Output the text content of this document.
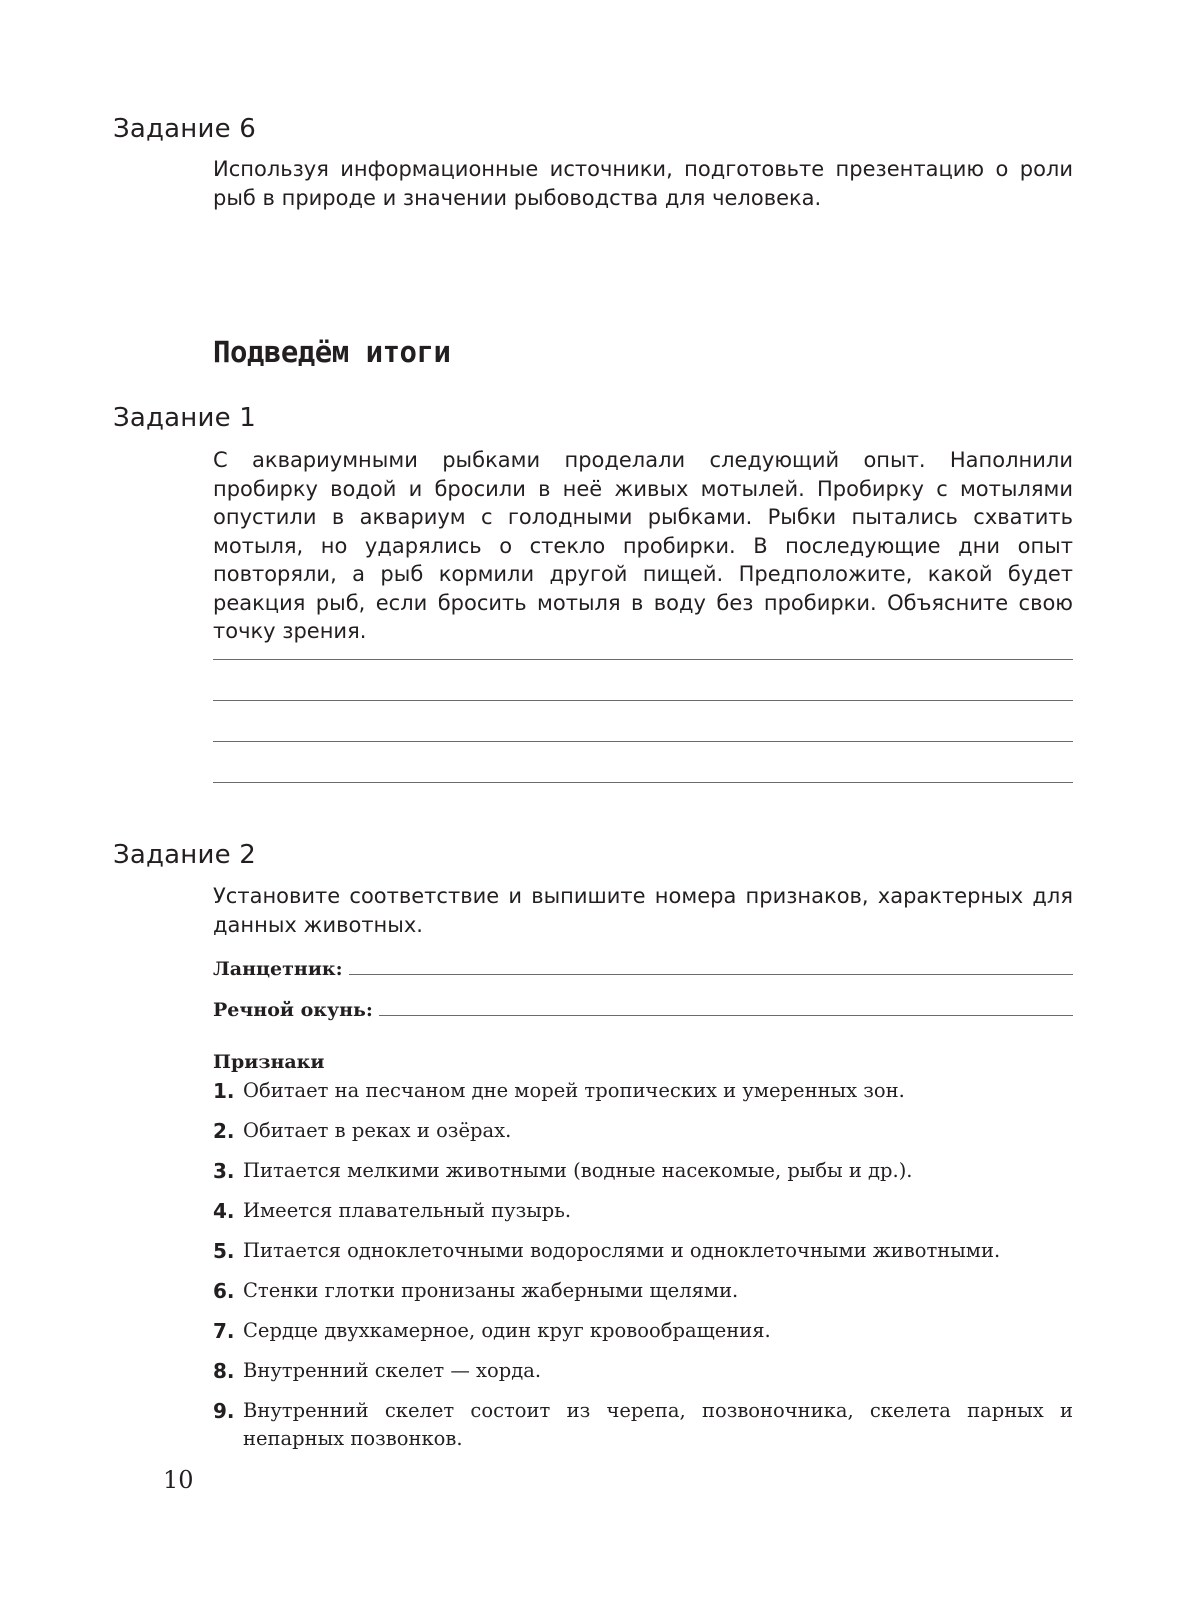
Задание 6

Используя информационные источники, подготовьте презентацию о роли рыб в природе и значении рыбоводства для человека.

Подведём итоги
Задание 1

С аквариумными рыбками проделали следующий опыт. Наполнили пробирку водой и бросили в неё живых мотылей. Пробирку с мотылями опустили в аквариум с голодными рыбками. Рыбки пытались схватить мотыля, но ударялись о стекло пробирки. В последующие дни опыт повторяли, а рыб кормили другой пищей. Предположите, какой будет реакция рыб, если бросить мотыля в воду без пробирки. Объясните свою точку зрения.

Задание 2

Установите соответствие и выпишите номера признаков, характерных для данных животных.

Ланцетник:
Речной окунь:
Признаки
1. Обитает на песчаном дне морей тропических и умеренных зон.
2. Обитает в реках и озёрах.
3. Питается мелкими животными (водные насекомые, рыбы и др.).
4. Имеется плавательный пузырь.
5. Питается одноклеточными водорослями и одноклеточными животными.
6. Стенки глотки пронизаны жаберными щелями.
7. Сердце двухкамерное, один круг кровообращения.
8. Внутренний скелет — хорда.
9. Внутренний скелет состоит из черепа, позвоночника, скелета парных и непарных позвонков.

10
